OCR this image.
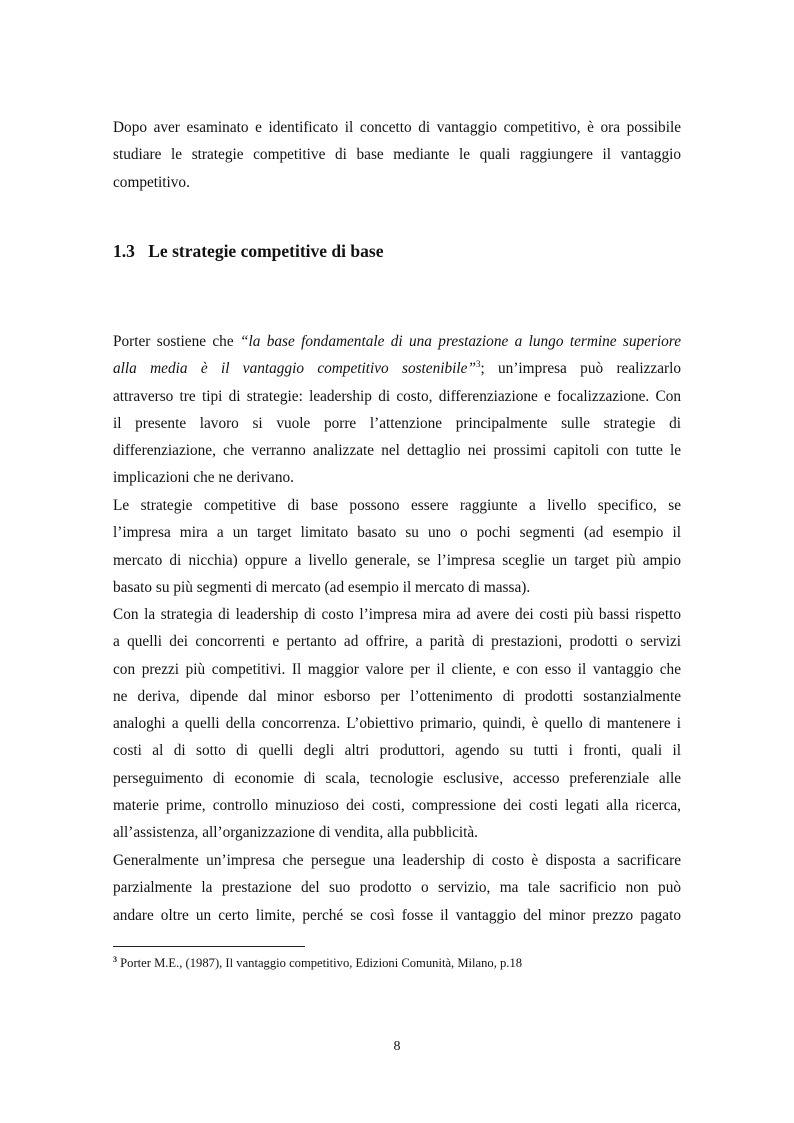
Dopo aver esaminato e identificato il concetto di vantaggio competitivo, è ora possibile
studiare le strategie competitive di base mediante le quali raggiungere il vantaggio
competitivo.

1.3 Le strategie competitive di base

Porter sostiene che “la base fondamentale di una prestazione a lungo termine superiore
alla media è il vantaggio competitivo sostenibile”$^3$; un’impresa può realizzarlo
attraverso tre tipi di strategie: leadership di costo, differenziazione e focalizzazione. Con
il presente lavoro si vuole porre l’attenzione principalmente sulle strategie di
differenziazione, che verranno analizzate nel dettaglio nei prossimi capitoli con tutte le
implicazioni che ne derivano.

Le strategie competitive di base possono essere raggiunte a livello specifico, se
l’impresa mira a un target limitato basato su uno o pochi segmenti (ad esempio il
mercato di nicchia) oppure a livello generale, se l’impresa sceglie un target più ampio
basato su più segmenti di mercato (ad esempio il mercato di massa).

Con la strategia di leadership di costo l’impresa mira ad avere dei costi più bassi rispetto
a quelli dei concorrenti e pertanto ad offrire, a parità di prestazioni, prodotti o servizi
con prezzi più competitivi. Il maggior valore per il cliente, e con esso il vantaggio che
ne deriva, dipende dal minor esborso per l’ottenimento di prodotti sostanzialmente
analoghi a quelli della concorrenza. L’obiettivo primario, quindi, è quello di mantenere i
costi al di sotto di quelli degli altri produttori, agendo su tutti i fronti, quali il
perseguimento di economie di scala, tecnologie esclusive, accesso preferenziale alle
materie prime, controllo minuzioso dei costi, compressione dei costi legati alla ricerca,
all’assistenza, all’organizzazione di vendita, alla pubblicità.

Generalmente un’impresa che persegue una leadership di costo è disposta a sacrificare
parzialmente la prestazione del suo prodotto o servizio, ma tale sacrificio non può
andare oltre un certo limite, perché se così fosse il vantaggio del minor prezzo pagato

$^3$ Porter M.E., (1987), Il vantaggio competitivo, Edizioni Comunità, Milano, p.18

8
